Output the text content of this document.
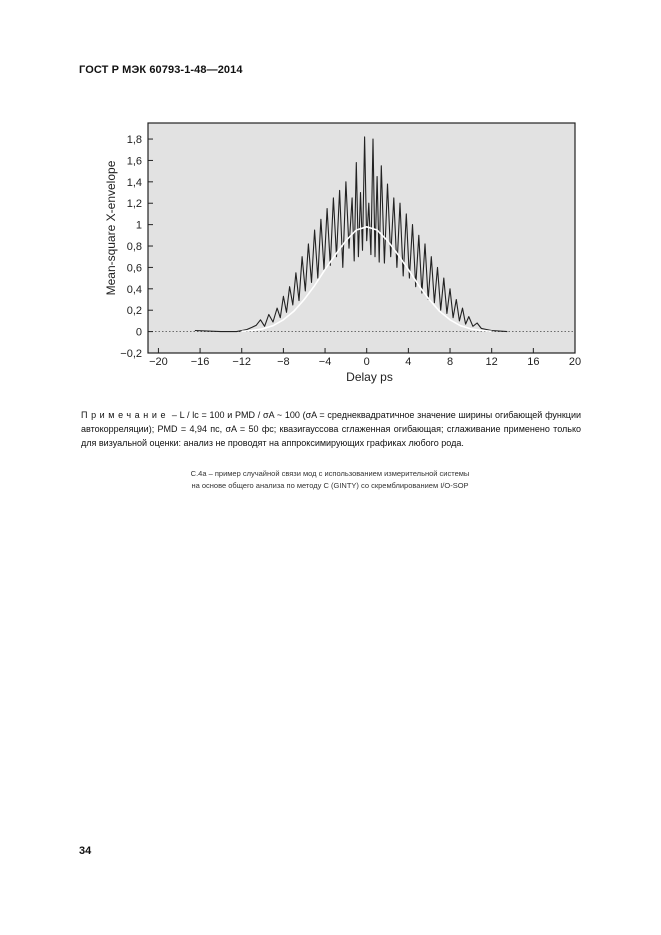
ГОСТ Р МЭК 60793-1-48—2014
−20 −16 −12 −8	−4	0	4	8	12	16	20
−0,2
0
0,2
0,4
0,6
0,8
1
1,2
1,4
1,6
1,8
Delay ps
Mean-square X-envelope
Примечание – L / lc = 100 и PMD / σA ~ 100 (σA = среднеквадратичное значение ширины огибающей функции автокорреляции); PMD = 4,94 пс, σA = 50 фс; квазигауссова сглаженная огибающая; сглаживание применено только для визуальной оценки: анализ не проводят на аппроксимирующих графиках любого рода.
С.4а – пример случайной связи мод с использованием измерительной системы
на основе общего анализа по методу С (GINTY) со скремблированием I/O-SOP
34
